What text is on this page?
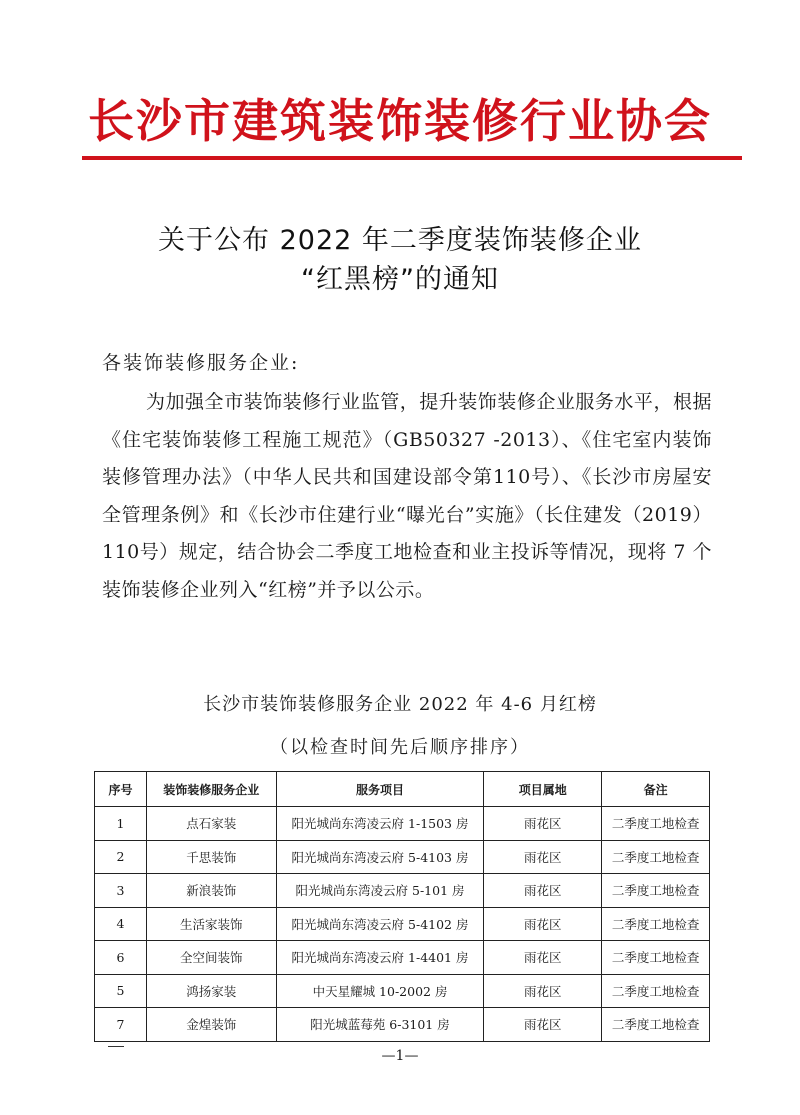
长沙市建筑装饰装修行业协会
关于公布 2022 年二季度装饰装修企业
“红黑榜”的通知
各装饰装修服务企业:

为加强全市装饰装修行业监管，提升装饰装修企业服务水平，根据《住宅装饰装修工程施工规范》（GB50327 -2013）、《住宅室内装饰装修管理办法》（中华人民共和国建设部令第110号）、《长沙市房屋安全管理条例》和《长沙市住建行业“曝光台”实施》（长住建发（2019）110号）规定，结合协会二季度工地检查和业主投诉等情况，现将 7 个装饰装修企业列入“红榜”并予以公示。

长沙市装饰装修服务企业 2022 年 4-6 月红榜
（以检查时间先后顺序排序）
序号	装饰装修服务企业	服务项目	项目属地	备注
1	点石家装	阳光城尚东湾凌云府 1-1503 房	雨花区	二季度工地检查
2	千思装饰	阳光城尚东湾凌云府 5-4103 房	雨花区	二季度工地检查
3	新浪装饰	阳光城尚东湾凌云府 5-101 房	雨花区	二季度工地检查
4	生活家装饰	阳光城尚东湾凌云府 5-4102 房	雨花区	二季度工地检查
6	全空间装饰	阳光城尚东湾凌云府 1-4401 房	雨花区	二季度工地检查
5	鸿扬家装	中天星耀城 10-2002 房	雨花区	二季度工地检查
7	金煌装饰	阳光城蓝莓苑 6-3101 房	雨花区	二季度工地检查
—1—
